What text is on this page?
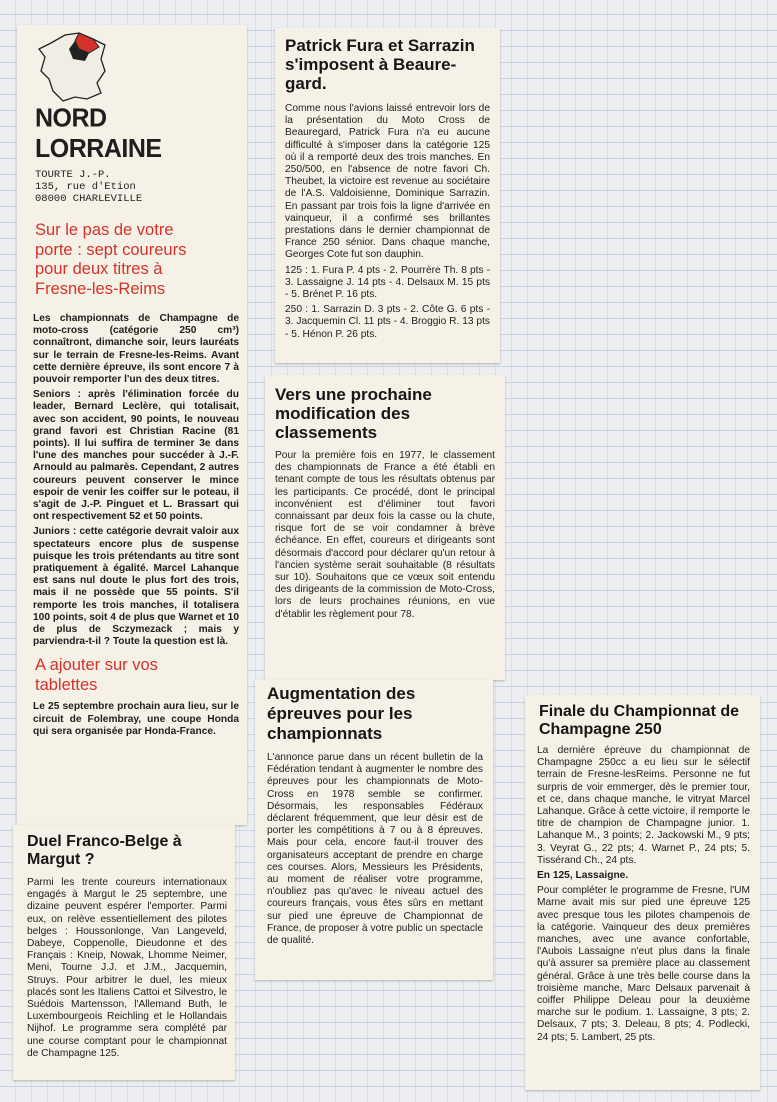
NORD LORRAINE
TOURTE J.-P.
135, rue d'Etion
08000 CHARLEVILLE
Sur le pas de votre porte : sept coureurs pour deux titres à Fresne-les-Reims

Les championnats de Champagne de moto-cross (catégorie 250 cm³) connaîtront, dimanche soir, leurs lauréats sur le terrain de Fresne-les-Reims. Avant cette dernière épreuve, ils sont encore 7 à pouvoir remporter l'un des deux titres.

Seniors : après l'élimination forcée du leader, Bernard Leclère, qui totalisait, avec son accident, 90 points, le nouveau grand favori est Christian Racine (81 points). Il lui suffira de terminer 3e dans l'une des manches pour succéder à J.-F. Arnould au palmarès. Cependant, 2 autres coureurs peuvent conserver le mince espoir de venir les coiffer sur le poteau, il s'agit de J.-P. Pinguet et L. Brassart qui ont respectivement 52 et 50 points.

Juniors : cette catégorie devrait valoir aux spectateurs encore plus de suspense puisque les trois prétendants au titre sont pratiquement à égalité. Marcel Lahanque est sans nul doute le plus fort des trois, mais il ne possède que 55 points. S'il remporte les trois manches, il totalisera 100 points, soit 4 de plus que Warnet et 10 de plus de Sczymezack ; mais y parviendra-t-il ? Toute la question est là.

A ajouter sur vos tablettes
Le 25 septembre prochain aura lieu, sur le circuit de Folembray, une coupe Honda qui sera organisée par Honda-France.
Patrick Fura et Sarrazin s'imposent à Beaure-gard.

Comme nous l'avions laissé entrevoir lors de la présentation du Moto Cross de Beauregard, Patrick Fura n'a eu aucune difficulté à s'imposer dans la catégorie 125 où il a remporté deux des trois manches. En 250/500, en l'absence de notre favori Ch. Theubet, la victoire est revenue au sociétaire de l'A.S. Valdoisienne, Dominique Sarrazin. En passant par trois fois la ligne d'arrivée en vainqueur, il a confirmé ses brillantes prestations dans le dernier championnat de France 250 sénior. Dans chaque manche, Georges Cote fut son dauphin.

125 : 1. Fura P. 4 pts - 2. Pourrère Th. 8 pts - 3. Lassaigne J. 14 pts - 4. Delsaux M. 15 pts - 5. Brénet P. 16 pts.

250 : 1. Sarrazin D. 3 pts - 2. Côte G. 6 pts - 3. Jacquemin Cl. 11 pts - 4. Broggio R. 13 pts - 5. Hénon P. 26 pts.

Vers une prochaine modification des classements
Pour la première fois en 1977, le classement des championnats de France a été établi en tenant compte de tous les résultats obtenus par les participants. Ce procédé, dont le principal inconvénient est d'éliminer tout favori connaissant par deux fois la casse ou la chute, risque fort de se voir condamner à brève échéance. En effet, coureurs et dirigeants sont désormais d'accord pour déclarer qu'un retour à l'ancien système serait souhaitable (8 résultats sur 10). Souhaitons que ce vœux soit entendu des dirigeants de la commission de Moto-Cross, lors de leurs prochaines réunions, en vue d'établir les règlement pour 78.
Augmentation des épreuves pour les championnats
L'annonce parue dans un récent bulletin de la Fédération tendant à augmenter le nombre des épreuves pour les championnats de Moto-Cross en 1978 semble se confirmer. Désormais, les responsables Fédéraux déclarent fréquemment, que leur désir est de porter les compétitions à 7 ou à 8 épreuves. Mais pour cela, encore faut-il trouver des organisateurs acceptant de prendre en charge ces courses. Alors, Messieurs les Présidents, au moment de réaliser votre programme, n'oubliez pas qu'avec le niveau actuel des coureurs français, vous êtes sûrs en mettant sur pied une épreuve de Championnat de France, de proposer à votre public un spectacle de qualité.
Duel Franco-Belge à Margut ?
Parmi les trente coureurs internationaux engagés à Margut le 25 septembre, une dizaine peuvent espérer l'emporter. Parmi eux, on relève essentiellement des pilotes belges : Houssonlonge, Van Langeveld, Dabeye, Coppenolle, Dieudonne et des Français : Kneip, Nowak, Lhomme Neimer, Meni, Tourne J.J. et J.M., Jacquemin, Struys. Pour arbitrer le duel, les mieux placés sont les Italiens Cattoi et Silvestro, le Suédois Martensson, l'Allemand Buth, le Luxembourgeois Reichling et le Hollandais Nijhof. Le programme sera complété par une course comptant pour le championnat de Champagne 125.
Finale du Championnat de Champagne 250

La dernière épreuve du championnat de Champagne 250cc a eu lieu sur le sélectif terrain de Fresne-lesReims. Personne ne fut surpris de voir emmerger, dès le premier tour, et ce, dans chaque manche, le vitryat Marcel Lahanque. Grâce à cette victoire, il remporte le titre de champion de Champagne junior. 1. Lahanque M., 3 points; 2. Jackowski M., 9 pts; 3. Veyrat G., 22 pts; 4. Warnet P., 24 pts; 5. Tissérand Ch., 24 pts.

En 125, Lassaigne.

Pour compléter le programme de Fresne, l'UM Marne avait mis sur pied une épreuve 125 avec presque tous les pilotes champenois de la catégorie. Vainqueur des deux premières manches, avec une avance confortable, l'Aubois Lassaigne n'eut plus dans la finale qu'à assurer sa première place au classement général. Grâce à une très belle course dans la troisième manche, Marc Delsaux parvenait à coiffer Philippe Deleau pour la deuxième marche sur le podium. 1. Lassaigne, 3 pts; 2. Delsaux, 7 pts; 3. Deleau, 8 pts; 4. Podlecki, 24 pts; 5. Lambert, 25 pts.
